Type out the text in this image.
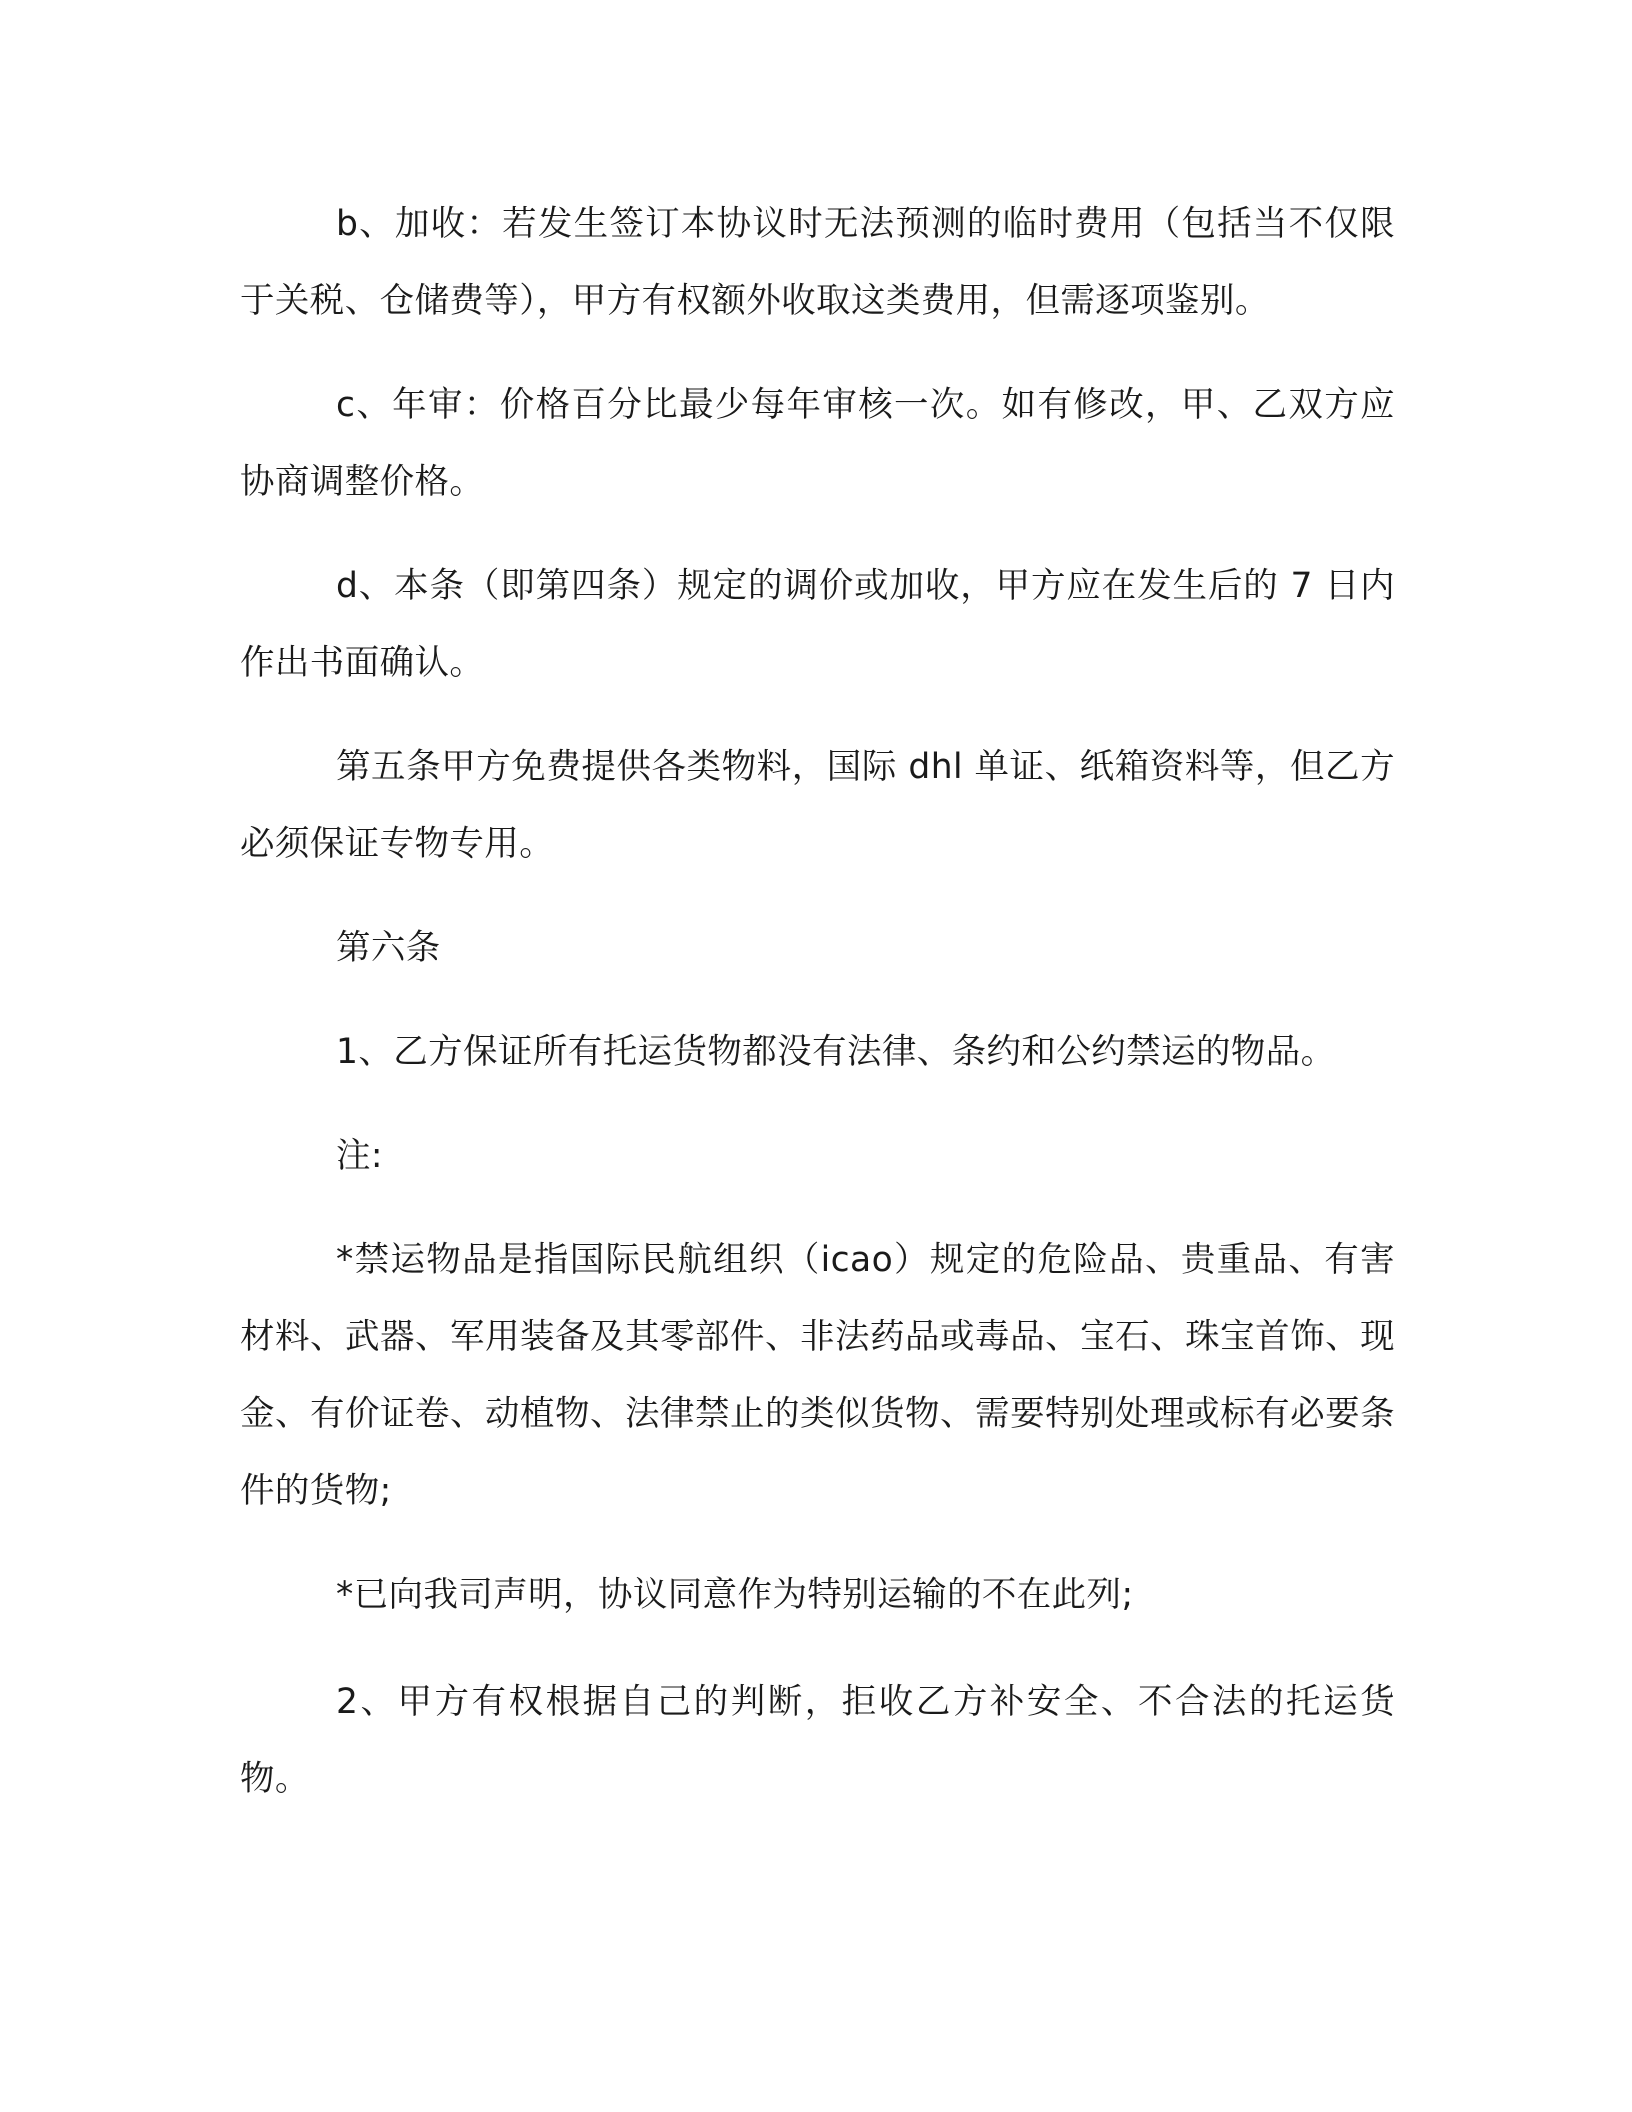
b、加收：若发生签订本协议时无法预测的临时费用（包括当不仅限于关税、仓储费等），甲方有权额外收取这类费用，但需逐项鉴别。

c、年审：价格百分比最少每年审核一次。如有修改，甲、乙双方应协商调整价格。

d、本条（即第四条）规定的调价或加收，甲方应在发生后的 7 日内作出书面确认。

第五条甲方免费提供各类物料，国际 dhl 单证、纸箱资料等，但乙方必须保证专物专用。

第六条

1、乙方保证所有托运货物都没有法律、条约和公约禁运的物品。

注:

*禁运物品是指国际民航组织（icao）规定的危险品、贵重品、有害材料、武器、军用装备及其零部件、非法药品或毒品、宝石、珠宝首饰、现金、有价证卷、动植物、法律禁止的类似货物、需要特别处理或标有必要条件的货物;

*已向我司声明，协议同意作为特别运输的不在此列;

2、甲方有权根据自己的判断，拒收乙方补安全、不合法的托运货物。
